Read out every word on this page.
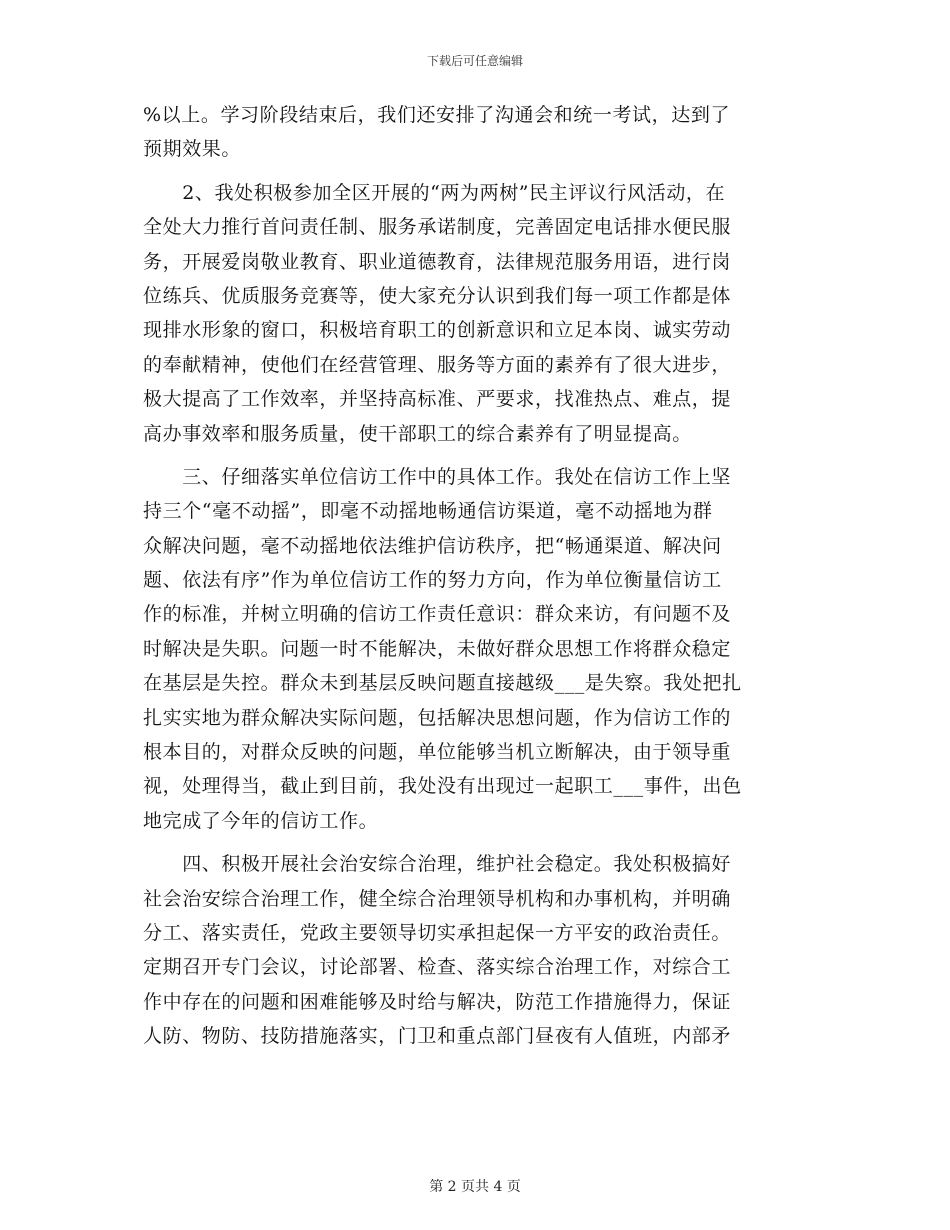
下载后可任意编辑
%以上。学习阶段结束后，我们还安排了沟通会和统一考试，达到了
预期效果。
　　2、我处积极参加全区开展的“两为两树”民主评议行风活动，在
全处大力推行首问责任制、服务承诺制度，完善固定电话排水便民服
务，开展爱岗敬业教育、职业道德教育，法律规范服务用语，进行岗
位练兵、优质服务竞赛等，使大家充分认识到我们每一项工作都是体
现排水形象的窗口，积极培育职工的创新意识和立足本岗、诚实劳动
的奉献精神，使他们在经营管理、服务等方面的素养有了很大进步，
极大提高了工作效率，并坚持高标准、严要求，找准热点、难点，提
高办事效率和服务质量，使干部职工的综合素养有了明显提高。
　　三、仔细落实单位信访工作中的具体工作。我处在信访工作上坚
持三个“毫不动摇”，即毫不动摇地畅通信访渠道，毫不动摇地为群
众解决问题，毫不动摇地依法维护信访秩序，把“畅通渠道、解决问
题、依法有序”作为单位信访工作的努力方向，作为单位衡量信访工
作的标准，并树立明确的信访工作责任意识：群众来访，有问题不及
时解决是失职。问题一时不能解决，未做好群众思想工作将群众稳定
在基层是失控。群众未到基层反映问题直接越级___是失察。我处把扎
扎实实地为群众解决实际问题，包括解决思想问题，作为信访工作的
根本目的，对群众反映的问题，单位能够当机立断解决，由于领导重
视，处理得当，截止到目前，我处没有出现过一起职工___事件，出色
地完成了今年的信访工作。
　　四、积极开展社会治安综合治理，维护社会稳定。我处积极搞好
社会治安综合治理工作，健全综合治理领导机构和办事机构，并明确
分工、落实责任，党政主要领导切实承担起保一方平安的政治责任。
定期召开专门会议，讨论部署、检查、落实综合治理工作，对综合工
作中存在的问题和困难能够及时给与解决，防范工作措施得力，保证
人防、物防、技防措施落实，门卫和重点部门昼夜有人值班，内部矛
第 2 页共 4 页
